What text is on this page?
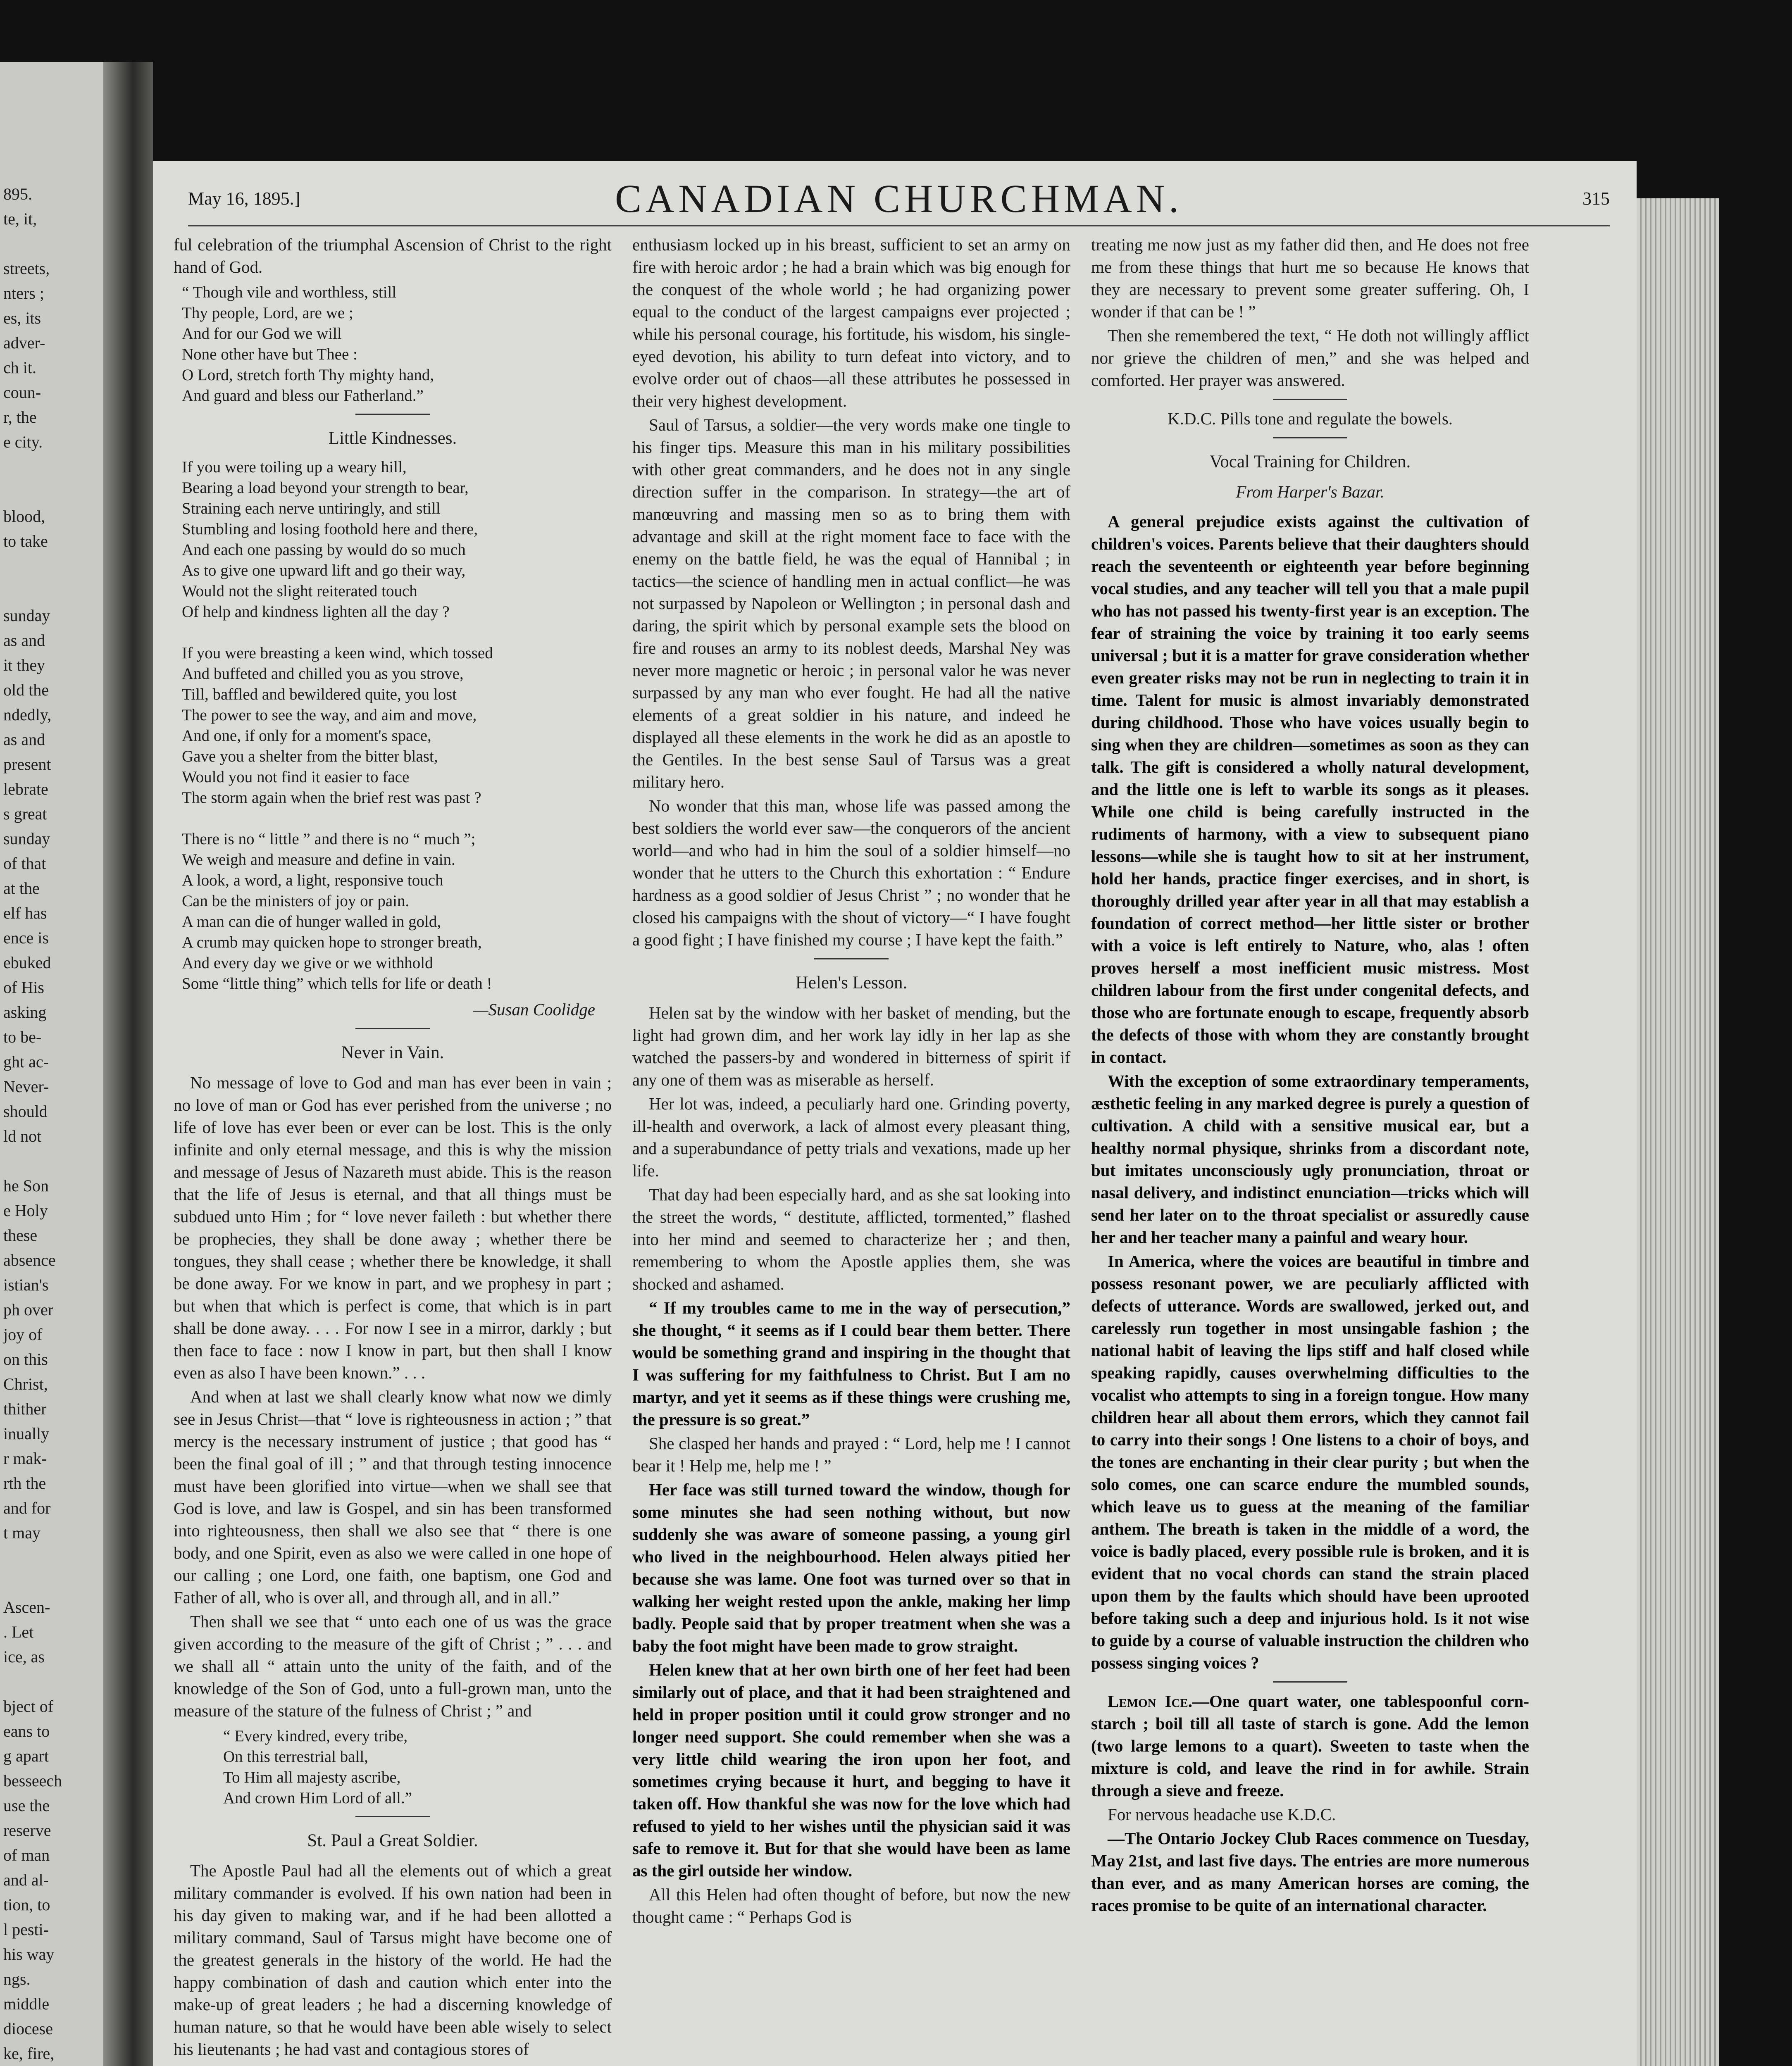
895.
te, it,

streets,
nters ;
es, its
adver-
ch it.
coun-
r, the
e city.

blood,
to take

sunday
as and
it they
old the
ndedly,
as and
present
lebrate
s great
sunday
of that
at the
elf has
ence is
ebuked
of His
asking
to be-
ght ac-
Never-
should
ld not

he Son
e Holy
these
absence
istian's
ph over
joy of
on this
Christ,
thither
inually
r mak-
rth the
and for
t may

Ascen-
. Let
ice, as

bject of
eans to
g apart
besseech
use the
reserve
of man
and al-
tion, to
l pesti-
his way
ngs.
middle
diocese
ke, fire,

May 16, 1895.]	CANADIAN CHURCHMAN.	315

ful celebration of the triumphal Ascension of Christ to the right hand of God.

“ Though vile and worthless, still
Thy people, Lord, are we ;
And for our God we will
None other have but Thee :
O Lord, stretch forth Thy mighty hand,
And guard and bless our Fatherland.”
Little Kindnesses.
If you were toiling up a weary hill,
Bearing a load beyond your strength to bear,
Straining each nerve untiringly, and still
Stumbling and losing foothold here and there,
And each one passing by would do so much
As to give one upward lift and go their way,
Would not the slight reiterated touch
Of help and kindness lighten all the day ?

If you were breasting a keen wind, which tossed
And buffeted and chilled you as you strove,
Till, baffled and bewildered quite, you lost
The power to see the way, and aim and move,
And one, if only for a moment's space,
Gave you a shelter from the bitter blast,
Would you not find it easier to face
The storm again when the brief rest was past ?

There is no “ little ” and there is no “ much ”;
We weigh and measure and define in vain.
A look, a word, a light, responsive touch
Can be the ministers of joy or pain.
A man can die of hunger walled in gold,
A crumb may quicken hope to stronger breath,
And every day we give or we withhold
Some “little thing” which tells for life or death !
—Susan Coolidge
Never in Vain.

No message of love to God and man has ever been in vain ; no love of man or God has ever perished from the universe ; no life of love has ever been or ever can be lost. This is the only infinite and only eternal message, and this is why the mission and message of Jesus of Nazareth must abide. This is the reason that the life of Jesus is eternal, and that all things must be subdued unto Him ; for “ love never faileth : but whether there be prophecies, they shall be done away ; whether there be tongues, they shall cease ; whether there be knowledge, it shall be done away. For we know in part, and we prophesy in part ; but when that which is perfect is come, that which is in part shall be done away. . . . For now I see in a mirror, darkly ; but then face to face : now I know in part, but then shall I know even as also I have been known.” . . .

And when at last we shall clearly know what now we dimly see in Jesus Christ—that “ love is righteousness in action ; ” that mercy is the necessary instrument of justice ; that good has “ been the final goal of ill ; ” and that through testing innocence must have been glorified into virtue—when we shall see that God is love, and law is Gospel, and sin has been transformed into righteousness, then shall we also see that “ there is one body, and one Spirit, even as also we were called in one hope of our calling ; one Lord, one faith, one baptism, one God and Father of all, who is over all, and through all, and in all.”

Then shall we see that “ unto each one of us was the grace given according to the measure of the gift of Christ ; ” . . . and we shall all “ attain unto the unity of the faith, and of the knowledge of the Son of God, unto a full-grown man, unto the measure of the stature of the fulness of Christ ; ” and

“ Every kindred, every tribe,
On this terrestrial ball,
To Him all majesty ascribe,
And crown Him Lord of all.”
St. Paul a Great Soldier.

The Apostle Paul had all the elements out of which a great military commander is evolved. If his own nation had been in his day given to making war, and if he had been allotted a military command, Saul of Tarsus might have become one of the greatest generals in the history of the world. He had the happy combination of dash and caution which enter into the make-up of great leaders ; he had a discerning knowledge of human nature, so that he would have been able wisely to select his lieutenants ; he had vast and contagious stores of

enthusiasm locked up in his breast, sufficient to set an army on fire with heroic ardor ; he had a brain which was big enough for the conquest of the whole world ; he had organizing power equal to the conduct of the largest campaigns ever projected ; while his personal courage, his fortitude, his wisdom, his single-eyed devotion, his ability to turn defeat into victory, and to evolve order out of chaos—all these attributes he possessed in their very highest development.

Saul of Tarsus, a soldier—the very words make one tingle to his finger tips. Measure this man in his military possibilities with other great commanders, and he does not in any single direction suffer in the comparison. In strategy—the art of manœuvring and massing men so as to bring them with advantage and skill at the right moment face to face with the enemy on the battle field, he was the equal of Hannibal ; in tactics—the science of handling men in actual conflict—he was not surpassed by Napoleon or Wellington ; in personal dash and daring, the spirit which by personal example sets the blood on fire and rouses an army to its noblest deeds, Marshal Ney was never more magnetic or heroic ; in personal valor he was never surpassed by any man who ever fought. He had all the native elements of a great soldier in his nature, and indeed he displayed all these elements in the work he did as an apostle to the Gentiles. In the best sense Saul of Tarsus was a great military hero.

No wonder that this man, whose life was passed among the best soldiers the world ever saw—the conquerors of the ancient world—and who had in him the soul of a soldier himself—no wonder that he utters to the Church this exhortation : “ Endure hardness as a good soldier of Jesus Christ ” ; no wonder that he closed his campaigns with the shout of victory—“ I have fought a good fight ; I have finished my course ; I have kept the faith.”

Helen's Lesson.

Helen sat by the window with her basket of mending, but the light had grown dim, and her work lay idly in her lap as she watched the passers-by and wondered in bitterness of spirit if any one of them was as miserable as herself.

Her lot was, indeed, a peculiarly hard one. Grinding poverty, ill-health and overwork, a lack of almost every pleasant thing, and a superabundance of petty trials and vexations, made up her life.

That day had been especially hard, and as she sat looking into the street the words, “ destitute, afflicted, tormented,” flashed into her mind and seemed to characterize her ; and then, remembering to whom the Apostle applies them, she was shocked and ashamed.

“ If my troubles came to me in the way of persecution,” she thought, “ it seems as if I could bear them better. There would be something grand and inspiring in the thought that I was suffering for my faithfulness to Christ. But I am no martyr, and yet it seems as if these things were crushing me, the pressure is so great.”

She clasped her hands and prayed : “ Lord, help me ! I cannot bear it ! Help me, help me ! ”

Her face was still turned toward the window, though for some minutes she had seen nothing without, but now suddenly she was aware of someone passing, a young girl who lived in the neighbourhood. Helen always pitied her because she was lame. One foot was turned over so that in walking her weight rested upon the ankle, making her limp badly. People said that by proper treatment when she was a baby the foot might have been made to grow straight.

Helen knew that at her own birth one of her feet had been similarly out of place, and that it had been straightened and held in proper position until it could grow stronger and no longer need support. She could remember when she was a very little child wearing the iron upon her foot, and sometimes crying because it hurt, and begging to have it taken off. How thankful she was now for the love which had refused to yield to her wishes until the physician said it was safe to remove it. But for that she would have been as lame as the girl outside her window.

All this Helen had often thought of before, but now the new thought came : “ Perhaps God is

treating me now just as my father did then, and He does not free me from these things that hurt me so because He knows that they are necessary to prevent some greater suffering. Oh, I wonder if that can be ! ”

Then she remembered the text, “ He doth not willingly afflict nor grieve the children of men,” and she was helped and comforted. Her prayer was answered.

K.D.C. Pills tone and regulate the bowels.

Vocal Training for Children.
From Harper's Bazar.

A general prejudice exists against the cultivation of children's voices. Parents believe that their daughters should reach the seventeenth or eighteenth year before beginning vocal studies, and any teacher will tell you that a male pupil who has not passed his twenty-first year is an exception. The fear of straining the voice by training it too early seems universal ; but it is a matter for grave consideration whether even greater risks may not be run in neglecting to train it in time. Talent for music is almost invariably demonstrated during childhood. Those who have voices usually begin to sing when they are children—sometimes as soon as they can talk. The gift is considered a wholly natural development, and the little one is left to warble its songs as it pleases. While one child is being carefully instructed in the rudiments of harmony, with a view to subsequent piano lessons—while she is taught how to sit at her instrument, hold her hands, practice finger exercises, and in short, is thoroughly drilled year after year in all that may establish a foundation of correct method—her little sister or brother with a voice is left entirely to Nature, who, alas ! often proves herself a most inefficient music mistress. Most children labour from the first under congenital defects, and those who are fortunate enough to escape, frequently absorb the defects of those with whom they are constantly brought in contact.

With the exception of some extraordinary temperaments, æsthetic feeling in any marked degree is purely a question of cultivation. A child with a sensitive musical ear, but a healthy normal physique, shrinks from a discordant note, but imitates unconsciously ugly pronunciation, throat or nasal delivery, and indistinct enunciation—tricks which will send her later on to the throat specialist or assuredly cause her and her teacher many a painful and weary hour.

In America, where the voices are beautiful in timbre and possess resonant power, we are peculiarly afflicted with defects of utterance. Words are swallowed, jerked out, and carelessly run together in most unsingable fashion ; the national habit of leaving the lips stiff and half closed while speaking rapidly, causes overwhelming difficulties to the vocalist who attempts to sing in a foreign tongue. How many children hear all about them errors, which they cannot fail to carry into their songs ! One listens to a choir of boys, and the tones are enchanting in their clear purity ; but when the solo comes, one can scarce endure the mumbled sounds, which leave us to guess at the meaning of the familiar anthem. The breath is taken in the middle of a word, the voice is badly placed, every possible rule is broken, and it is evident that no vocal chords can stand the strain placed upon them by the faults which should have been uprooted before taking such a deep and injurious hold. Is it not wise to guide by a course of valuable instruction the children who possess singing voices ?

Lemon Ice.—One quart water, one tablespoonful corn-starch ; boil till all taste of starch is gone. Add the lemon (two large lemons to a quart). Sweeten to taste when the mixture is cold, and leave the rind in for awhile. Strain through a sieve and freeze.

For nervous headache use K.D.C.

—The Ontario Jockey Club Races commence on Tuesday, May 21st, and last five days. The entries are more numerous than ever, and as many American horses are coming, the races promise to be quite of an international character.
